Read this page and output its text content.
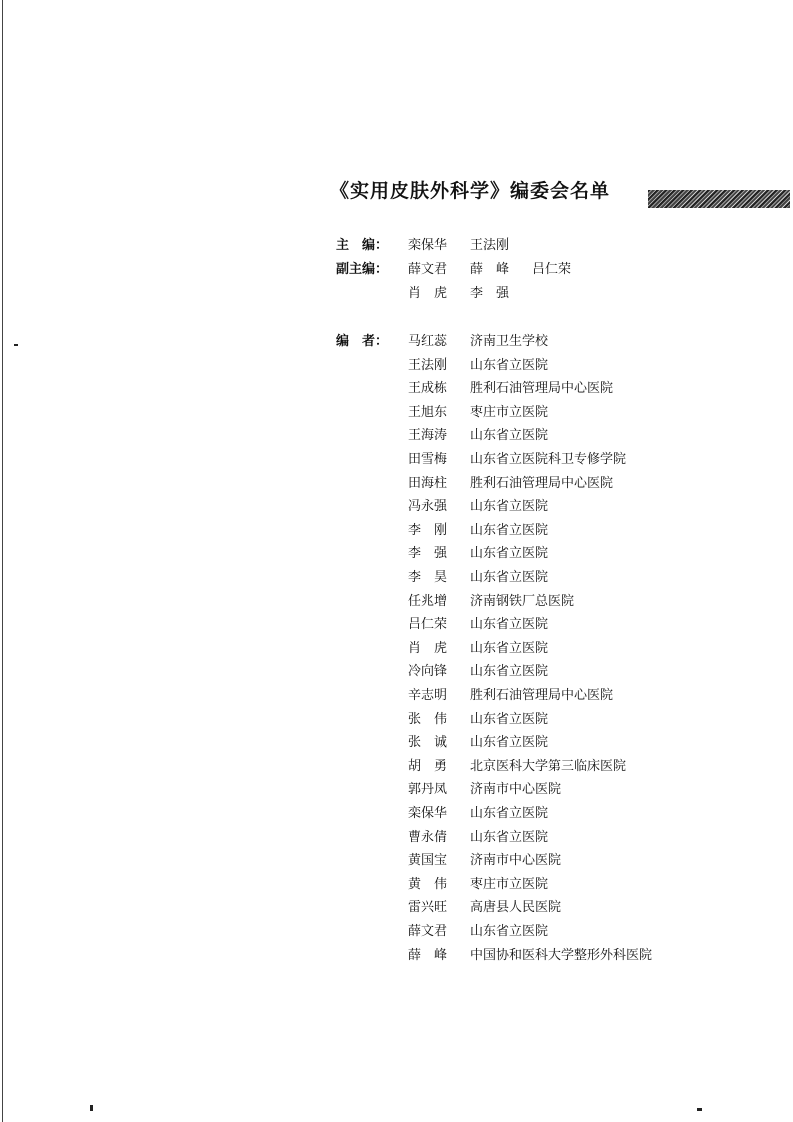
《实用皮肤外科学》编委会名单
主　编：	栾保华	王法刚
副主编：	薛文君	薛　峰 吕仁荣
肖　虎	李　强
编　者：	马红蕊	济南卫生学校
王法刚	山东省立医院
王成栋	胜利石油管理局中心医院
王旭东	枣庄市立医院
王海涛	山东省立医院
田雪梅	山东省立医院科卫专修学院
田海柱	胜利石油管理局中心医院
冯永强	山东省立医院
李　刚	山东省立医院
李　强	山东省立医院
李　昊	山东省立医院
任兆增	济南钢铁厂总医院
吕仁荣	山东省立医院
肖　虎	山东省立医院
冷向锋	山东省立医院
辛志明	胜利石油管理局中心医院
张　伟	山东省立医院
张　诚	山东省立医院
胡　勇	北京医科大学第三临床医院
郭丹凤	济南市中心医院
栾保华	山东省立医院
曹永倩	山东省立医院
黄国宝	济南市中心医院
黄　伟	枣庄市立医院
雷兴旺	高唐县人民医院
薛文君	山东省立医院
薛　峰	中国协和医科大学整形外科医院
